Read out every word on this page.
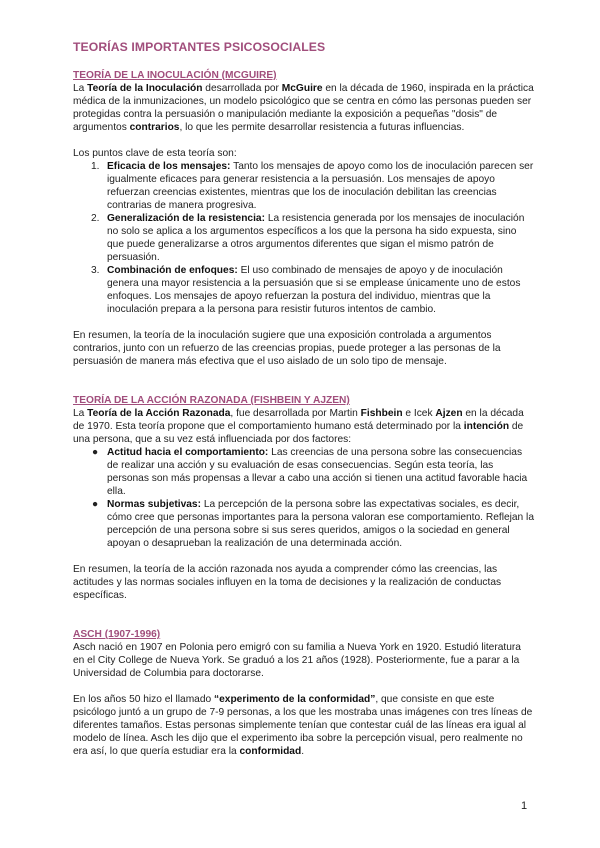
TEORÍAS IMPORTANTES PSICOSOCIALES
TEORÍA DE LA INOCULACIÓN (MCGUIRE)

La Teoría de la Inoculación desarrollada por McGuire en la década de 1960, inspirada en la práctica médica de la inmunizaciones, un modelo psicológico que se centra en cómo las personas pueden ser protegidas contra la persuasión o manipulación mediante la exposición a pequeñas "dosis" de argumentos contrarios, lo que les permite desarrollar resistencia a futuras influencias.

Los puntos clave de esta teoría son:

1. Eficacia de los mensajes: Tanto los mensajes de apoyo como los de inoculación parecen ser igualmente eficaces para generar resistencia a la persuasión. Los mensajes de apoyo refuerzan creencias existentes, mientras que los de inoculación debilitan las creencias contrarias de manera progresiva.
2. Generalización de la resistencia: La resistencia generada por los mensajes de inoculación no solo se aplica a los argumentos específicos a los que la persona ha sido expuesta, sino que puede generalizarse a otros argumentos diferentes que sigan el mismo patrón de persuasión.
3. Combinación de enfoques: El uso combinado de mensajes de apoyo y de inoculación genera una mayor resistencia a la persuasión que si se emplease únicamente uno de estos enfoques. Los mensajes de apoyo refuerzan la postura del individuo, mientras que la inoculación prepara a la persona para resistir futuros intentos de cambio.

En resumen, la teoría de la inoculación sugiere que una exposición controlada a argumentos contrarios, junto con un refuerzo de las creencias propias, puede proteger a las personas de la persuasión de manera más efectiva que el uso aislado de un solo tipo de mensaje.

TEORÍA DE LA ACCIÓN RAZONADA (FISHBEIN Y AJZEN)

La Teoría de la Acción Razonada, fue desarrollada por Martin Fishbein e Icek Ajzen en la década de 1970. Esta teoría propone que el comportamiento humano está determinado por la intención de una persona, que a su vez está influenciada por dos factores:

● Actitud hacia el comportamiento: Las creencias de una persona sobre las consecuencias de realizar una acción y su evaluación de esas consecuencias. Según esta teoría, las personas son más propensas a llevar a cabo una acción si tienen una actitud favorable hacia ella.
● Normas subjetivas: La percepción de la persona sobre las expectativas sociales, es decir, cómo cree que personas importantes para la persona valoran ese comportamiento. Reflejan la percepción de una persona sobre si sus seres queridos, amigos o la sociedad en general apoyan o desaprueban la realización de una determinada acción.

En resumen, la teoría de la acción razonada nos ayuda a comprender cómo las creencias, las actitudes y las normas sociales influyen en la toma de decisiones y la realización de conductas específicas.

ASCH (1907-1996)

Asch nació en 1907 en Polonia pero emigró con su familia a Nueva York en 1920. Estudió literatura en el City College de Nueva York. Se graduó a los 21 años (1928). Posteriormente, fue a parar a la Universidad de Columbia para doctorarse.

En los años 50 hizo el llamado “experimento de la conformidad”, que consiste en que este psicólogo juntó a un grupo de 7-9 personas, a los que les mostraba unas imágenes con tres líneas de diferentes tamaños. Estas personas simplemente tenían que contestar cuál de las líneas era igual al modelo de línea. Asch les dijo que el experimento iba sobre la percepción visual, pero realmente no era así, lo que quería estudiar era la conformidad.

1
